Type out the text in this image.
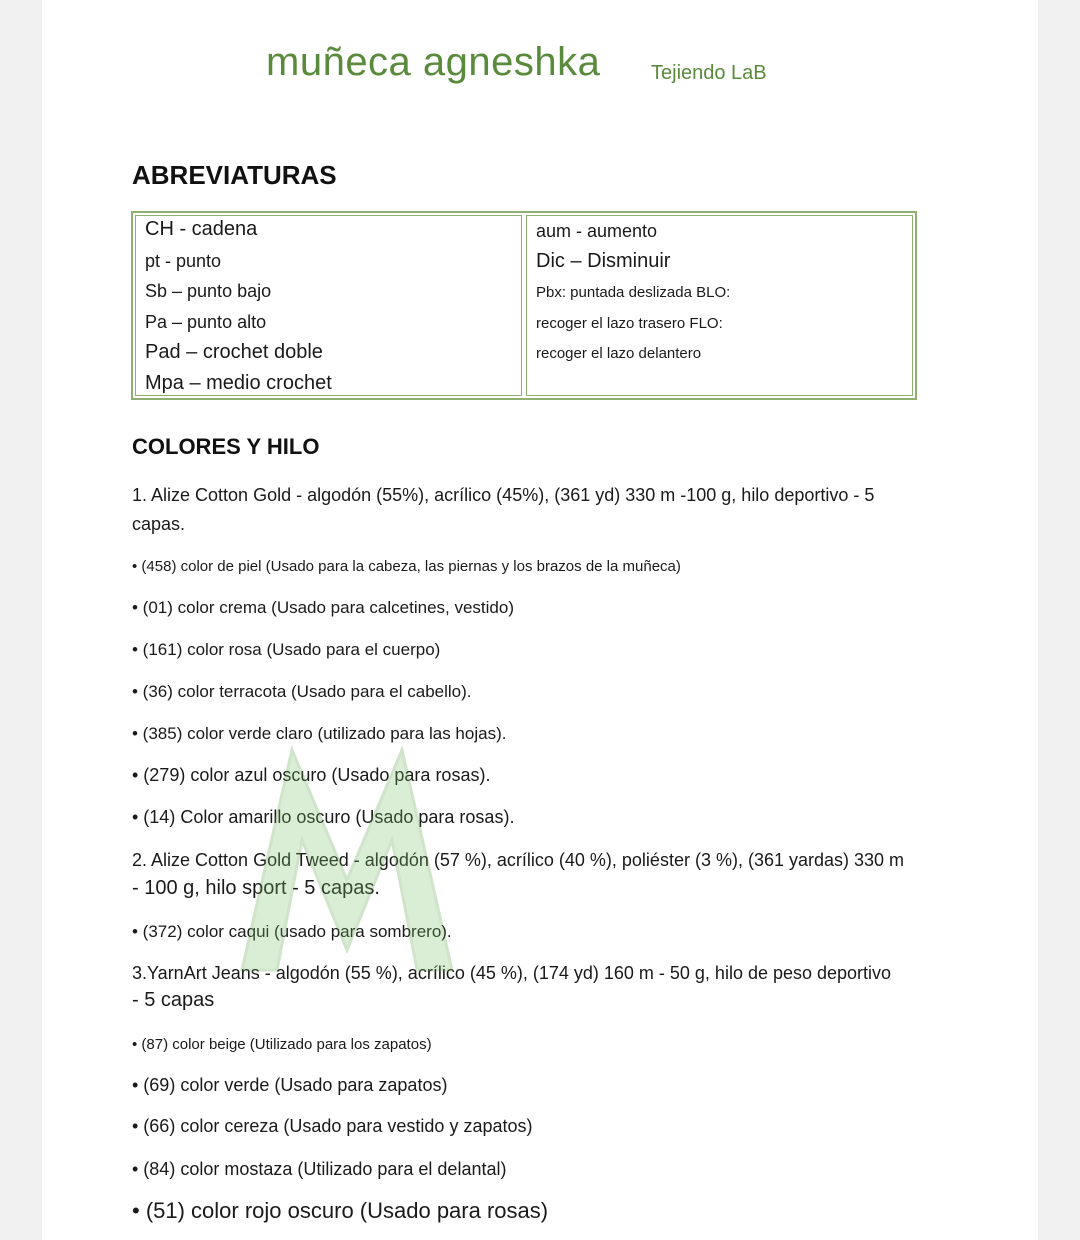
muñeca agneshka	Tejiendo LaB
ABREVIATURAS
CH - cadena
pt - punto
Sb – punto bajo
Pa – punto alto
Pad – crochet doble
Mpa – medio crochet
aum - aumento
Dic – Disminuir
Pbx: puntada deslizada BLO:
recoger el lazo trasero FLO:
recoger el lazo delantero
COLORES Y HILO
1. Alize Cotton Gold - algodón (55%), acrílico (45%), (361 yd) 330 m -100 g, hilo deportivo - 5
capas.
• (458) color de piel (Usado para la cabeza, las piernas y los brazos de la muñeca)
• (01) color crema (Usado para calcetines, vestido)
• (161) color rosa (Usado para el cuerpo)
• (36) color terracota (Usado para el cabello).
• (385) color verde claro (utilizado para las hojas).
• (279) color azul oscuro (Usado para rosas).
• (14) Color amarillo oscuro (Usado para rosas).
2. Alize Cotton Gold Tweed - algodón (57 %), acrílico (40 %), poliéster (3 %), (361 yardas) 330 m
- 100 g, hilo sport - 5 capas.
• (372) color caqui (usado para sombrero).
3.YarnArt Jeans - algodón (55 %), acrílico (45 %), (174 yd) 160 m - 50 g, hilo de peso deportivo
- 5 capas
• (87) color beige (Utilizado para los zapatos)
• (69) color verde (Usado para zapatos)
• (66) color cereza (Usado para vestido y zapatos)
• (84) color mostaza (Utilizado para el delantal)
• (51) color rojo oscuro (Usado para rosas)
